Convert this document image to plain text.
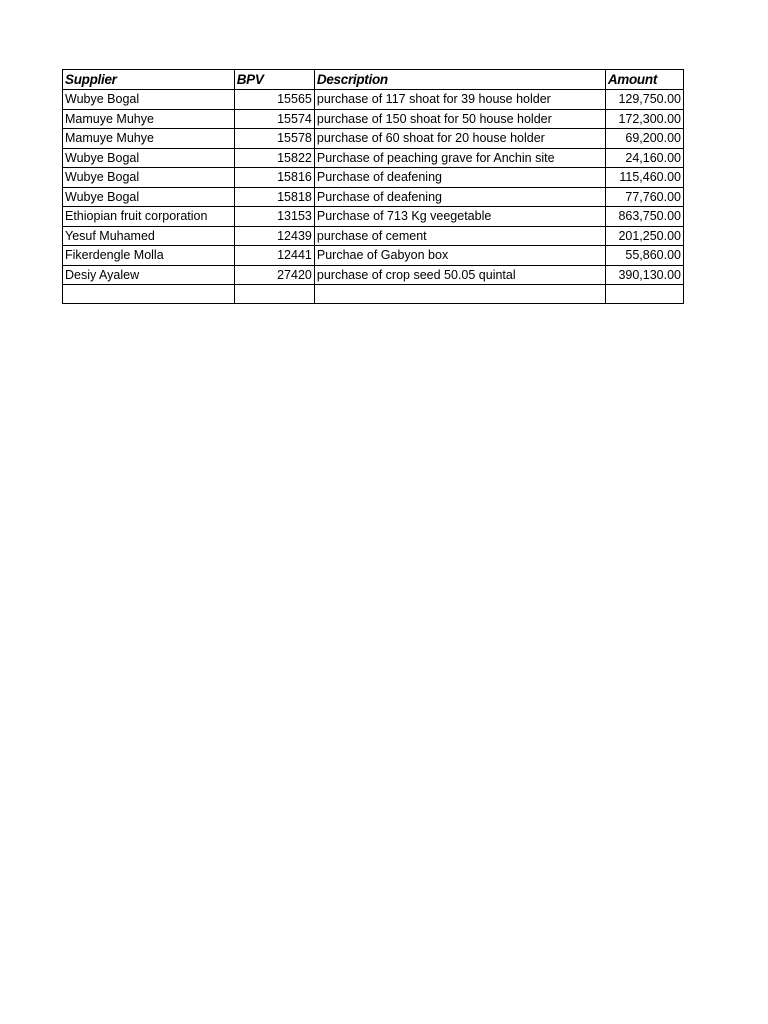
Supplier	BPV	Description	Amount
Wubye Bogal	15565	purchase of 117 shoat for 39 house holder	129,750.00
Mamuye Muhye	15574	purchase of 150 shoat for 50 house holder	172,300.00
Mamuye Muhye	15578	purchase of 60 shoat for 20 house holder	69,200.00
Wubye Bogal	15822	Purchase of peaching grave for Anchin site	24,160.00
Wubye Bogal	15816	Purchase of deafening	115,460.00
Wubye Bogal	15818	Purchase of deafening	77,760.00
Ethiopian fruit corporation	13153	Purchase of 713 Kg veegetable	863,750.00
Yesuf Muhamed	12439	purchase of cement	201,250.00
Fikerdengle Molla	12441	Purchae of Gabyon box	55,860.00
Desiy Ayalew	27420	purchase of crop seed 50.05 quintal	390,130.00
